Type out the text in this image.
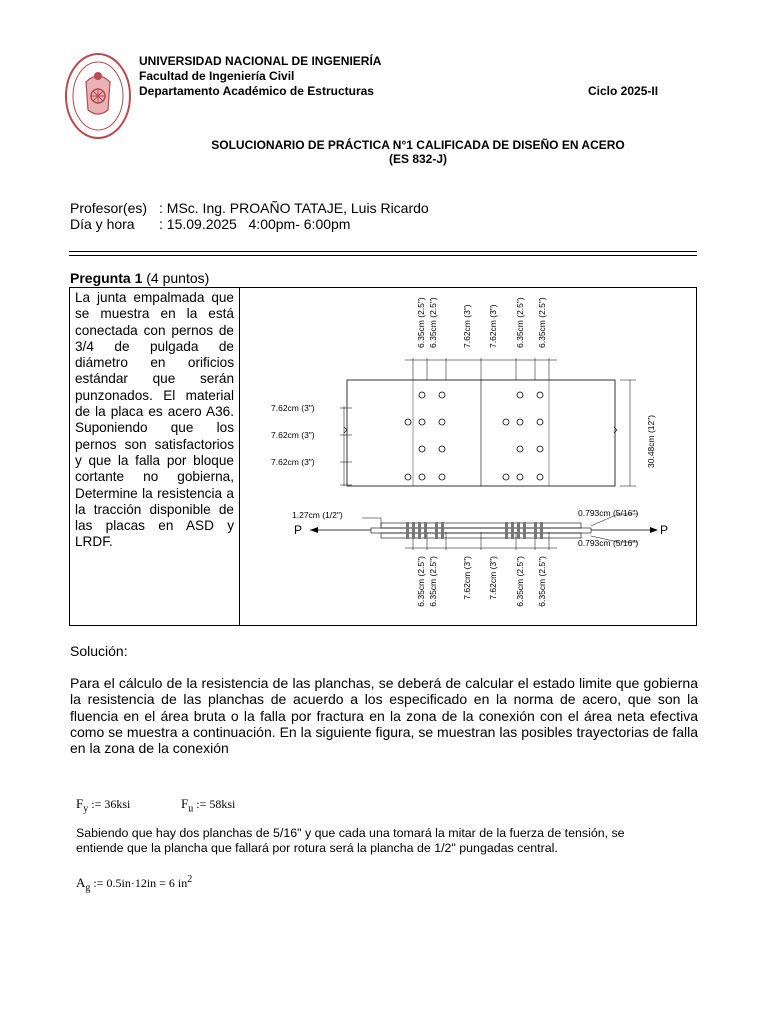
UNIVERSIDAD NACIONAL DE INGENIERÍA
Facultad de Ingeniería Civil
Departamento Académico de Estructuras	Ciclo 2025-II
SOLUCIONARIO DE PRÁCTICA N°1 CALIFICADA DE DISEÑO EN ACERO
(ES 832-J)
Profesor(es) : MSc. Ing. PROAÑO TATAJE, Luis Ricardo
Día y hora : 15.09.2025   4:00pm- 6:00pm
Pregunta 1 (4 puntos)
La junta empalmada que se muestra en la está conectada con pernos de 3/4 de pulgada de diámetro en orificios estándar que serán punzonados. El material de la placa es acero A36. Suponiendo que los pernos son satisfactorios y que la falla por bloque cortante no gobierna, Determine la resistencia a la tracción disponible de las placas en ASD y LRDF.
6.35cm (2.5") 6.35cm (2.5")	7.62cm (3") 7.62cm (3") 6.35cm (2.5") 6.35cm (2.5")
6.35cm (2.5") 6.35cm (2.5")	7.62cm (3") 7.62cm (3") 6.35cm (2.5") 6.35cm (2.5")
7.62cm (3")
7.62cm (3")
7.62cm (3")	30.48cm (12")
P	P
1.27cm (1/2")	0.793cm (5/16")
0.793cm (5/16")
Solución:
Para el cálculo de la resistencia de las planchas, se deberá de calcular el estado limite que gobierna la resistencia de las planchas de acuerdo a los especificado en la norma de acero, que son la fluencia en el área bruta o la falla por fractura en la zona de la conexión con el área neta efectiva como se muestra a continuación. En la siguiente figura, se muestran las posibles trayectorias de falla en la zona de la conexión
$F_y$ := 36ksi	$F_u$ := 58ksi
Sabiendo que hay dos planchas de 5/16" y que cada una tomará la mitar de la fuerza de tensión, se entiende que la plancha que fallará por rotura será la plancha de 1/2" pungadas central.
$A_g$ := 0.5in·12in = 6 $in^2$
